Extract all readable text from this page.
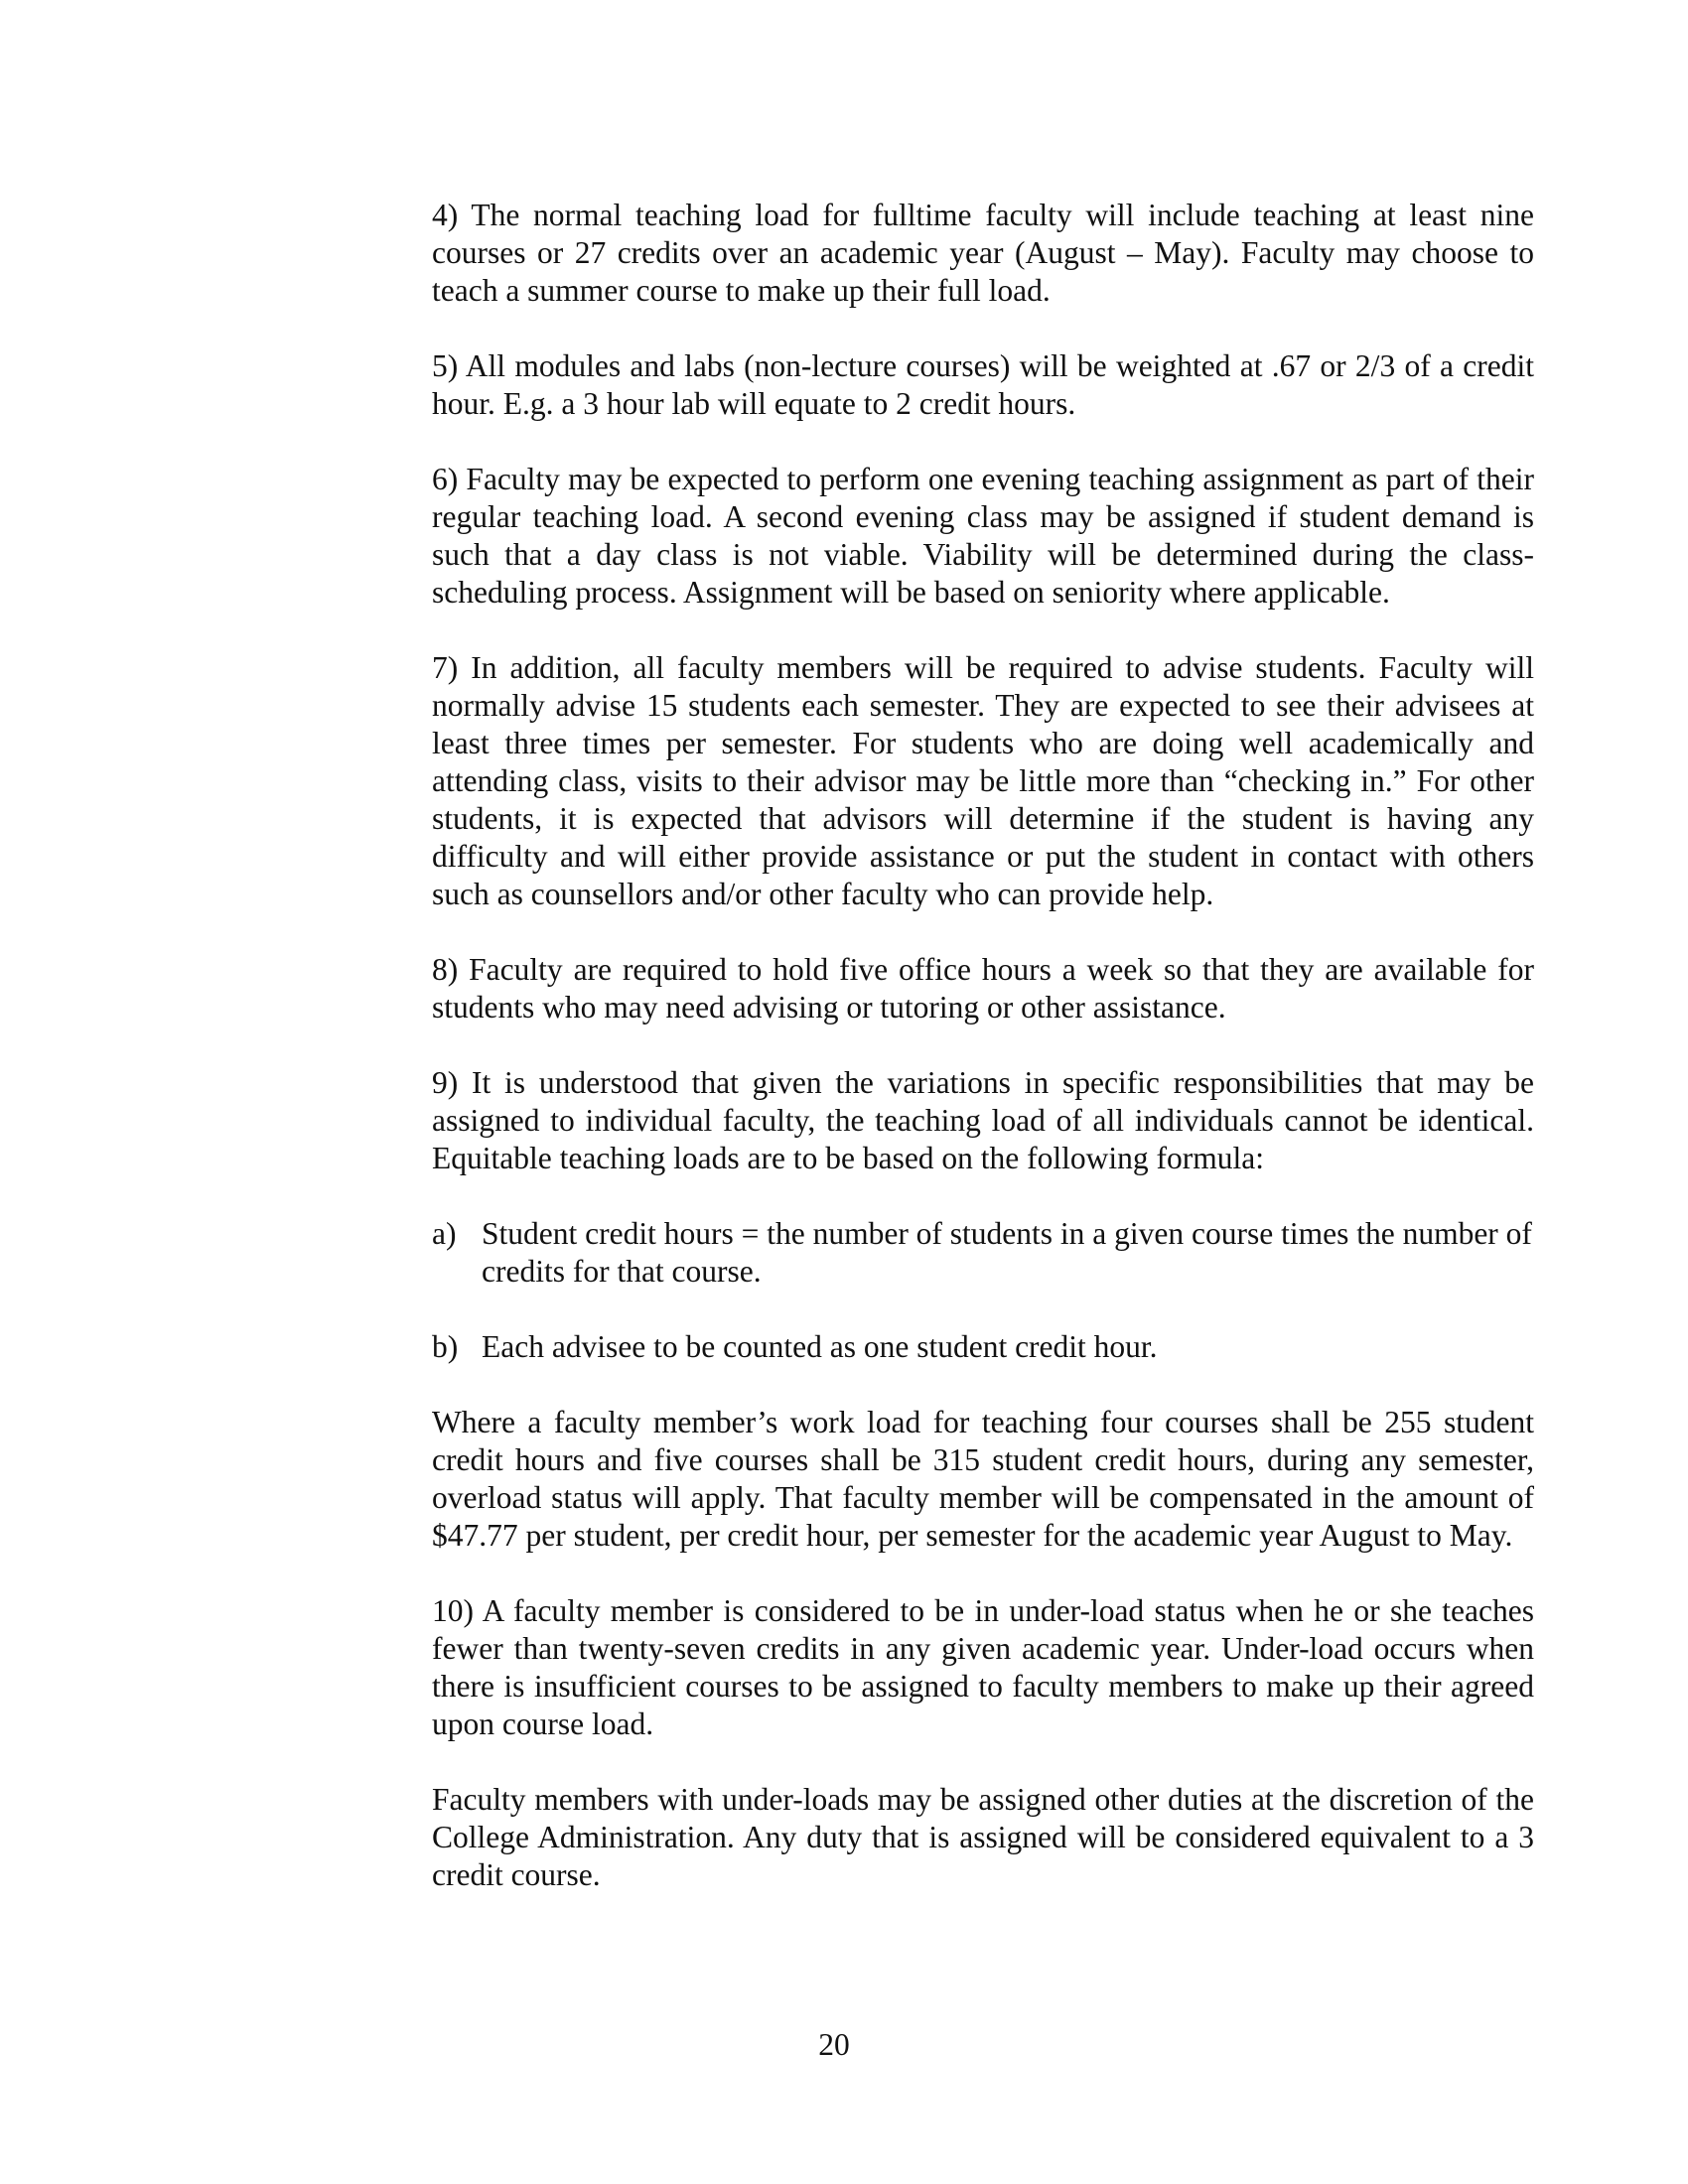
4) The normal teaching load for fulltime faculty will include teaching at least nine courses or 27 credits over an academic year (August – May). Faculty may choose to teach a summer course to make up their full load.

5) All modules and labs (non-lecture courses) will be weighted at .67 or 2/3 of a credit hour. E.g. a 3 hour lab will equate to 2 credit hours.

6) Faculty may be expected to perform one evening teaching assignment as part of their regular teaching load. A second evening class may be assigned if student demand is such that a day class is not viable. Viability will be determined during the class-scheduling process. Assignment will be based on seniority where applicable.

7) In addition, all faculty members will be required to advise students. Faculty will normally advise 15 students each semester. They are expected to see their advisees at least three times per semester. For students who are doing well academically and attending class, visits to their advisor may be little more than “checking in.” For other students, it is expected that advisors will determine if the student is having any difficulty and will either provide assistance or put the student in contact with others such as counsellors and/or other faculty who can provide help.

8) Faculty are required to hold five office hours a week so that they are available for students who may need advising or tutoring or other assistance.

9) It is understood that given the variations in specific responsibilities that may be assigned to individual faculty, the teaching load of all individuals cannot be identical. Equitable teaching loads are to be based on the following formula:

a) Student credit hours = the number of students in a given course times the number of credits for that course.
b) Each advisee to be counted as one student credit hour.

Where a faculty member’s work load for teaching four courses shall be 255 student credit hours and five courses shall be 315 student credit hours, during any semester, overload status will apply. That faculty member will be compensated in the amount of $47.77 per student, per credit hour, per semester for the academic year August to May.

10) A faculty member is considered to be in under-load status when he or she teaches fewer than twenty-seven credits in any given academic year. Under-load occurs when there is insufficient courses to be assigned to faculty members to make up their agreed upon course load.

Faculty members with under-loads may be assigned other duties at the discretion of the College Administration. Any duty that is assigned will be considered equivalent to a 3 credit course.

20
